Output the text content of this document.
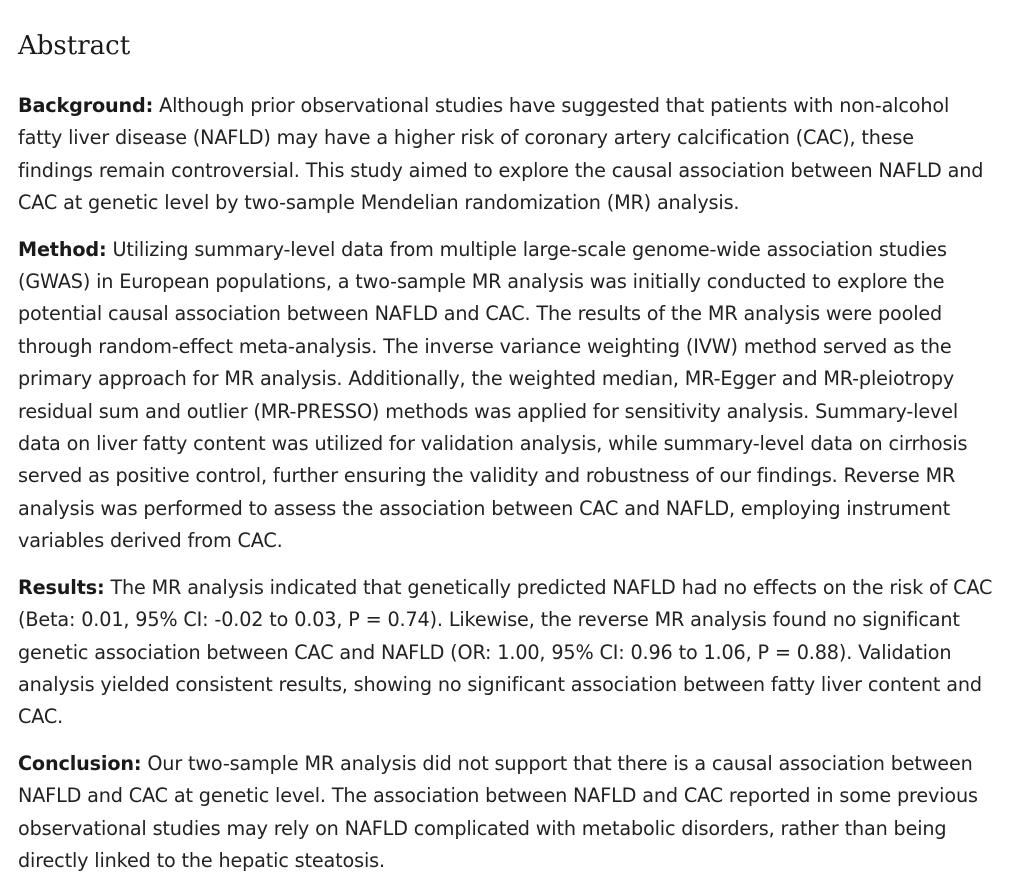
Abstract

Background: Although prior observational studies have suggested that patients with non-alcohol fatty liver disease (NAFLD) may have a higher risk of coronary artery calcification (CAC), these findings remain controversial. This study aimed to explore the causal association between NAFLD and CAC at genetic level by two-sample Mendelian randomization (MR) analysis.

Method: Utilizing summary-level data from multiple large-scale genome-wide association studies (GWAS) in European populations, a two-sample MR analysis was initially conducted to explore the potential causal association between NAFLD and CAC. The results of the MR analysis were pooled through random-effect meta-analysis. The inverse variance weighting (IVW) method served as the primary approach for MR analysis. Additionally, the weighted median, MR-Egger and MR-pleiotropy residual sum and outlier (MR-PRESSO) methods was applied for sensitivity analysis. Summary-level data on liver fatty content was utilized for validation analysis, while summary-level data on cirrhosis served as positive control, further ensuring the validity and robustness of our findings. Reverse MR analysis was performed to assess the association between CAC and NAFLD, employing instrument variables derived from CAC.

Results: The MR analysis indicated that genetically predicted NAFLD had no effects on the risk of CAC (Beta: 0.01, 95% CI: -0.02 to 0.03, P = 0.74). Likewise, the reverse MR analysis found no significant genetic association between CAC and NAFLD (OR: 1.00, 95% CI: 0.96 to 1.06, P = 0.88). Validation analysis yielded consistent results, showing no significant association between fatty liver content and CAC.

Conclusion: Our two-sample MR analysis did not support that there is a causal association between NAFLD and CAC at genetic level. The association between NAFLD and CAC reported in some previous observational studies may rely on NAFLD complicated with metabolic disorders, rather than being directly linked to the hepatic steatosis.
